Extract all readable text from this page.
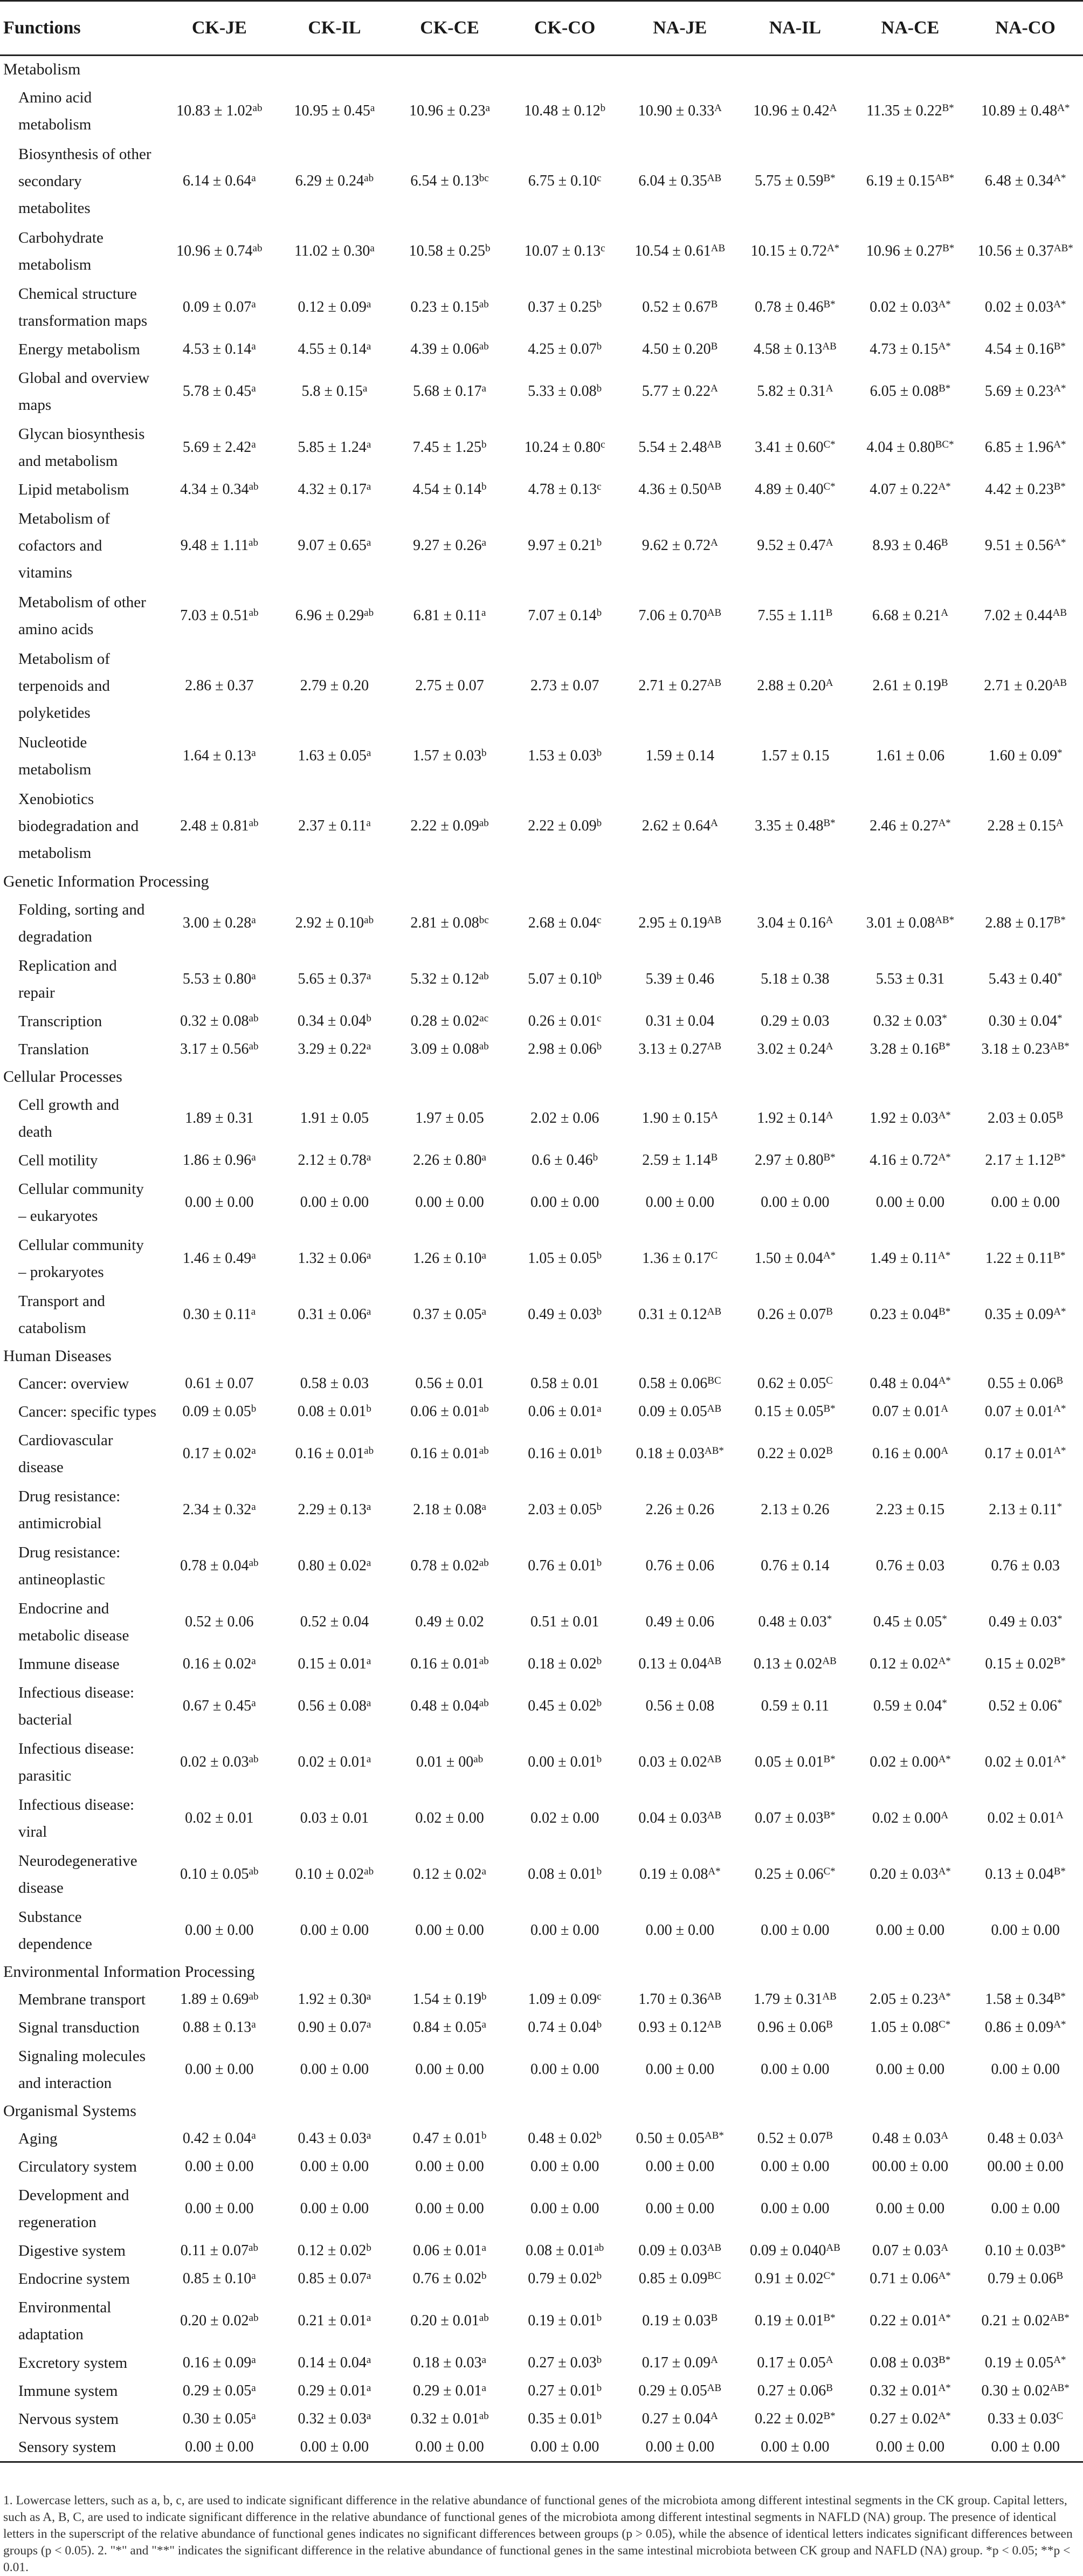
Functions	CK-JE	CK-IL	CK-CE	CK-CO	NA-JE	NA-IL	NA-CE	NA-CO
Metabolism								

Amino acid
metabolism	10.83 ± 1.02$^{ab}$	10.95 ± 0.45$^a$	10.96 ± 0.23$^a$	10.48 ± 0.12$^b$	$10.90 \pm 0.33^A$	$10.96 \pm 0.42^A$	$11.35 \pm 0.22^{B*}$	$10.89 \pm 0.48^{A*}$

Biosynthesis of other
secondary
metabolites	6.14 ± 0.64$^a$	6.29 ± 0.24$^{ab}$	6.54 ± 0.13$^{bc}$	6.75 ± 0.10$^c$	$6.04 \pm 0.35^{AB}$	$5.75 \pm 0.59^{B*}$	$6.19 \pm 0.15^{AB*}$	$6.48 \pm 0.34^{A*}$

Carbohydrate
metabolism	10.96 ± 0.74$^{ab}$	11.02 ± 0.30$^a$	10.58 ± 0.25$^b$	10.07 ± 0.13$^c$	$10.54 \pm 0.61^{AB}$	$10.15 \pm 0.72^{A*}$	$10.96 \pm 0.27^{B*}$	$10.56 \pm 0.37^{AB*}$

Chemical structure
transformation maps	0.09 ± 0.07$^a$	0.12 ± 0.09$^a$	0.23 ± 0.15$^{ab}$	0.37 ± 0.25$^b$	$0.52 \pm 0.67^B$	$0.78 \pm 0.46^{B*}$	$0.02 \pm 0.03^{A*}$	$0.02 \pm 0.03^{A*}$

Energy metabolism	4.53 ± 0.14$^a$	4.55 ± 0.14$^a$	4.39 ± 0.06$^{ab}$	4.25 ± 0.07$^b$	$4.50 \pm 0.20^B$	$4.58 \pm 0.13^{AB}$	$4.73 \pm 0.15^{A*}$	$4.54 \pm 0.16^{B*}$

Global and overview
maps	5.78 ± 0.45$^a$	5.8 ± 0.15$^a$	5.68 ± 0.17$^a$	5.33 ± 0.08$^b$	$5.77 \pm 0.22^A$	$5.82 \pm 0.31^A$	$6.05 \pm 0.08^{B*}$	$5.69 \pm 0.23^{A*}$

Glycan biosynthesis
and metabolism	5.69 ± 2.42$^a$	5.85 ± 1.24$^a$	7.45 ± 1.25$^b$	10.24 ± 0.80$^c$	$5.54 \pm 2.48^{AB}$	$3.41 \pm 0.60^{C*}$	$4.04 \pm 0.80^{BC*}$	$6.85 \pm 1.96^{A*}$

Lipid metabolism	4.34 ± 0.34$^{ab}$	4.32 ± 0.17$^a$	4.54 ± 0.14$^b$	4.78 ± 0.13$^c$	$4.36 \pm 0.50^{AB}$	$4.89 \pm 0.40^{C*}$	$4.07 \pm 0.22^{A*}$	$4.42 \pm 0.23^{B*}$

Metabolism of
cofactors and
vitamins	9.48 ± 1.11$^{ab}$	9.07 ± 0.65$^a$	9.27 ± 0.26$^a$	9.97 ± 0.21$^b$	$9.62 \pm 0.72^A$	$9.52 \pm 0.47^A$	$8.93 \pm 0.46^B$	$9.51 \pm 0.56^{A*}$

Metabolism of other
amino acids	7.03 ± 0.51$^{ab}$	6.96 ± 0.29$^{ab}$	6.81 ± 0.11$^a$	7.07 ± 0.14$^b$	$7.06 \pm 0.70^{AB}$	$7.55 \pm 1.11^B$	$6.68 \pm 0.21^A$	$7.02 \pm 0.44^{AB}$

Metabolism of
terpenoids and
polyketides	2.86 ± 0.37	2.79 ± 0.20	2.75 ± 0.07	2.73 ± 0.07	$2.71 \pm 0.27^{AB}$	$2.88 \pm 0.20^A$	$2.61 \pm 0.19^B$	$2.71 \pm 0.20^{AB}$

Nucleotide
metabolism	1.64 ± 0.13$^a$	1.63 ± 0.05$^a$	1.57 ± 0.03$^b$	1.53 ± 0.03$^b$	1.59 ± 0.14	1.57 ± 0.15	1.61 ± 0.06	1.60 ± 0.09*

Xenobiotics
biodegradation and
metabolism	2.48 ± 0.81$^{ab}$	2.37 ± 0.11$^a$	2.22 ± 0.09$^{ab}$	2.22 ± 0.09$^b$	$2.62 \pm 0.64^A$	$3.35 \pm 0.48^{B*}$	$2.46 \pm 0.27^{A*}$	$2.28 \pm 0.15^A$
Genetic Information Processing								

Folding, sorting and
degradation	3.00 ± 0.28$^a$	2.92 ± 0.10$^{ab}$	2.81 ± 0.08$^{bc}$	2.68 ± 0.04$^c$	$2.95 \pm 0.19^{AB}$	$3.04 \pm 0.16^A$	$3.01 \pm 0.08^{AB*}$	$2.88 \pm 0.17^{B*}$

Replication and
repair	5.53 ± 0.80$^a$	5.65 ± 0.37$^a$	5.32 ± 0.12$^{ab}$	5.07 ± 0.10$^b$	5.39 ± 0.46	5.18 ± 0.38	5.53 ± 0.31	5.43 ± 0.40*

Transcription	0.32 ± 0.08$^{ab}$	0.34 ± 0.04$^b$	0.28 ± 0.02$^{ac}$	0.26 ± 0.01$^c$	0.31 ± 0.04	0.29 ± 0.03	0.32 ± 0.03*	0.30 ± 0.04*

Translation	3.17 ± 0.56$^{ab}$	3.29 ± 0.22$^a$	3.09 ± 0.08$^{ab}$	2.98 ± 0.06$^b$	$3.13 \pm 0.27^{AB}$	$3.02 \pm 0.24^A$	$3.28 \pm 0.16^{B*}$	$3.18 \pm 0.23^{AB*}$
Cellular Processes								

Cell growth and
death	1.89 ± 0.31	1.91 ± 0.05	1.97 ± 0.05	2.02 ± 0.06	$1.90 \pm 0.15^A$	$1.92 \pm 0.14^A$	$1.92 \pm 0.03^{A*}$	$2.03 \pm 0.05^B$

Cell motility	1.86 ± 0.96$^a$	2.12 ± 0.78$^a$	2.26 ± 0.80$^a$	0.6 ± 0.46$^b$	$2.59 \pm 1.14^B$	$2.97 \pm 0.80^{B*}$	$4.16 \pm 0.72^{A*}$	$2.17 \pm 1.12^{B*}$

Cellular community
– eukaryotes	0.00 ± 0.00	0.00 ± 0.00	0.00 ± 0.00	0.00 ± 0.00	0.00 ± 0.00	0.00 ± 0.00	0.00 ± 0.00	0.00 ± 0.00

Cellular community
– prokaryotes	1.46 ± 0.49$^a$	1.32 ± 0.06$^a$	1.26 ± 0.10$^a$	1.05 ± 0.05$^b$	$1.36 \pm 0.17^C$	$1.50 \pm 0.04^{A*}$	$1.49 \pm 0.11^{A*}$	$1.22 \pm 0.11^{B*}$

Transport and
catabolism	0.30 ± 0.11$^a$	0.31 ± 0.06$^a$	0.37 ± 0.05$^a$	0.49 ± 0.03$^b$	$0.31 \pm 0.12^{AB}$	$0.26 \pm 0.07^B$	$0.23 \pm 0.04^{B*}$	$0.35 \pm 0.09^{A*}$
Human Diseases								

Cancer: overview	0.61 ± 0.07	0.58 ± 0.03	0.56 ± 0.01	0.58 ± 0.01	$0.58 \pm 0.06^{BC}$	$0.62 \pm 0.05^C$	$0.48 \pm 0.04^{A*}$	$0.55 \pm 0.06^B$

Cancer: specific types	0.09 ± 0.05$^b$	0.08 ± 0.01$^b$	0.06 ± 0.01$^{ab}$	0.06 ± 0.01$^a$	$0.09 \pm 0.05^{AB}$	$0.15 \pm 0.05^{B*}$	$0.07 \pm 0.01^A$	$0.07 \pm 0.01^{A*}$

Cardiovascular
disease	0.17 ± 0.02$^a$	0.16 ± 0.01$^{ab}$	0.16 ± 0.01$^{ab}$	0.16 ± 0.01$^b$	$0.18 \pm 0.03^{AB*}$	$0.22 \pm 0.02^B$	$0.16 \pm 0.00^A$	$0.17 \pm 0.01^{A*}$

Drug resistance:
antimicrobial	2.34 ± 0.32$^a$	2.29 ± 0.13$^a$	2.18 ± 0.08$^a$	2.03 ± 0.05$^b$	2.26 ± 0.26	2.13 ± 0.26	2.23 ± 0.15	2.13 ± 0.11*

Drug resistance:
antineoplastic	0.78 ± 0.04$^{ab}$	0.80 ± 0.02$^a$	0.78 ± 0.02$^{ab}$	0.76 ± 0.01$^b$	0.76 ± 0.06	0.76 ± 0.14	0.76 ± 0.03	0.76 ± 0.03

Endocrine and
metabolic disease	0.52 ± 0.06	0.52 ± 0.04	0.49 ± 0.02	0.51 ± 0.01	0.49 ± 0.06	0.48 ± 0.03*	0.45 ± 0.05*	0.49 ± 0.03*

Immune disease	0.16 ± 0.02$^a$	0.15 ± 0.01$^a$	0.16 ± 0.01$^{ab}$	0.18 ± 0.02$^b$	$0.13 \pm 0.04^{AB}$	$0.13 \pm 0.02^{AB}$	$0.12 \pm 0.02^{A*}$	$0.15 \pm 0.02^{B*}$

Infectious disease:
bacterial	0.67 ± 0.45$^a$	0.56 ± 0.08$^a$	0.48 ± 0.04$^{ab}$	0.45 ± 0.02$^b$	0.56 ± 0.08	0.59 ± 0.11	0.59 ± 0.04*	0.52 ± 0.06*

Infectious disease:
parasitic	0.02 ± 0.03$^{ab}$	0.02 ± 0.01$^a$	$0.01 \pm 00^{ab}$	0.00 ± 0.01$^b$	$0.03 \pm 0.02^{AB}$	$0.05 \pm 0.01^{B*}$	$0.02 \pm 0.00^{A*}$	$0.02 \pm 0.01^{A*}$

Infectious disease:
viral	0.02 ± 0.01	0.03 ± 0.01	0.02 ± 0.00	0.02 ± 0.00	$0.04 \pm 0.03^{AB}$	$0.07 \pm 0.03^{B*}$	$0.02 \pm 0.00^A$	$0.02 \pm 0.01^A$

Neurodegenerative
disease	0.10 ± 0.05$^{ab}$	0.10 ± 0.02$^{ab}$	0.12 ± 0.02$^a$	0.08 ± 0.01$^b$	$0.19 \pm 0.08^{A*}$	$0.25 \pm 0.06^{C*}$	$0.20 \pm 0.03^{A*}$	$0.13 \pm 0.04^{B*}$

Substance
dependence	0.00 ± 0.00	0.00 ± 0.00	0.00 ± 0.00	0.00 ± 0.00	0.00 ± 0.00	0.00 ± 0.00	0.00 ± 0.00	0.00 ± 0.00
Environmental Information Processing								

Membrane transport	1.89 ± 0.69$^{ab}$	1.92 ± 0.30$^a$	1.54 ± 0.19$^b$	1.09 ± 0.09$^c$	$1.70 \pm 0.36^{AB}$	$1.79 \pm 0.31^{AB}$	$2.05 \pm 0.23^{A*}$	$1.58 \pm 0.34^{B*}$

Signal transduction	0.88 ± 0.13$^a$	0.90 ± 0.07$^a$	0.84 ± 0.05$^a$	0.74 ± 0.04$^b$	$0.93 \pm 0.12^{AB}$	$0.96 \pm 0.06^B$	$1.05 \pm 0.08^{C*}$	$0.86 \pm 0.09^{A*}$

Signaling molecules
and interaction	0.00 ± 0.00	0.00 ± 0.00	0.00 ± 0.00	0.00 ± 0.00	0.00 ± 0.00	0.00 ± 0.00	0.00 ± 0.00	0.00 ± 0.00
Organismal Systems								

Aging	0.42 ± 0.04$^a$	0.43 ± 0.03$^a$	0.47 ± 0.01$^b$	0.48 ± 0.02$^b$	$0.50 \pm 0.05^{AB*}$	$0.52 \pm 0.07^B$	$0.48 \pm 0.03^A$	$0.48 \pm 0.03^A$

Circulatory system	0.00 ± 0.00	0.00 ± 0.00	0.00 ± 0.00	0.00 ± 0.00	0.00 ± 0.00	0.00 ± 0.00	00.00 ± 0.00	00.00 ± 0.00

Development and
regeneration	0.00 ± 0.00	0.00 ± 0.00	0.00 ± 0.00	0.00 ± 0.00	0.00 ± 0.00	0.00 ± 0.00	0.00 ± 0.00	0.00 ± 0.00

Digestive system	0.11 ± 0.07$^{ab}$	0.12 ± 0.02$^b$	0.06 ± 0.01$^a$	0.08 ± 0.01$^{ab}$	$0.09 \pm 0.03^{AB}$	$0.09 \pm 0.040^{AB}$	$0.07 \pm 0.03^A$	$0.10 \pm 0.03^{B*}$

Endocrine system	0.85 ± 0.10$^a$	0.85 ± 0.07$^a$	0.76 ± 0.02$^b$	0.79 ± 0.02$^b$	$0.85 \pm 0.09^{BC}$	$0.91 \pm 0.02^{C*}$	$0.71 \pm 0.06^{A*}$	$0.79 \pm 0.06^B$

Environmental
adaptation	0.20 ± 0.02$^{ab}$	0.21 ± 0.01$^a$	0.20 ± 0.01$^{ab}$	0.19 ± 0.01$^b$	$0.19 \pm 0.03^B$	$0.19 \pm 0.01^{B*}$	$0.22 \pm 0.01^{A*}$	$0.21 \pm 0.02^{AB*}$

Excretory system	0.16 ± 0.09$^a$	0.14 ± 0.04$^a$	0.18 ± 0.03$^a$	0.27 ± 0.03$^b$	$0.17 \pm 0.09^A$	$0.17 \pm 0.05^A$	$0.08 \pm 0.03^{B*}$	$0.19 \pm 0.05^{A*}$

Immune system	0.29 ± 0.05$^a$	0.29 ± 0.01$^a$	0.29 ± 0.01$^a$	0.27 ± 0.01$^b$	$0.29 \pm 0.05^{AB}$	$0.27 \pm 0.06^B$	$0.32 \pm 0.01^{A*}$	$0.30 \pm 0.02^{AB*}$

Nervous system	0.30 ± 0.05$^a$	0.32 ± 0.03$^a$	0.32 ± 0.01$^{ab}$	0.35 ± 0.01$^b$	$0.27 \pm 0.04^A$	$0.22 \pm 0.02^{B*}$	$0.27 \pm 0.02^{A*}$	$0.33 \pm 0.03^C$

Sensory system	0.00 ± 0.00	0.00 ± 0.00	0.00 ± 0.00	0.00 ± 0.00	0.00 ± 0.00	0.00 ± 0.00	0.00 ± 0.00	0.00 ± 0.00
1. Lowercase letters, such as a, b, c, are used to indicate significant difference in the relative abundance of functional genes of the microbiota among different intestinal segments in the CK group. Capital letters, such as A, B, C, are used to indicate significant difference in the relative abundance of functional genes of the microbiota among different intestinal segments in NAFLD (NA) group. The presence of identical letters in the superscript of the relative abundance of functional genes indicates no significant differences between groups (p > 0.05), while the absence of identical letters indicates significant differences between groups (p < 0.05). 2. "*" and "**" indicates the significant difference in the relative abundance of functional genes in the same intestinal microbiota between CK group and NAFLD (NA) group. *p < 0.05; **p < 0.01.
